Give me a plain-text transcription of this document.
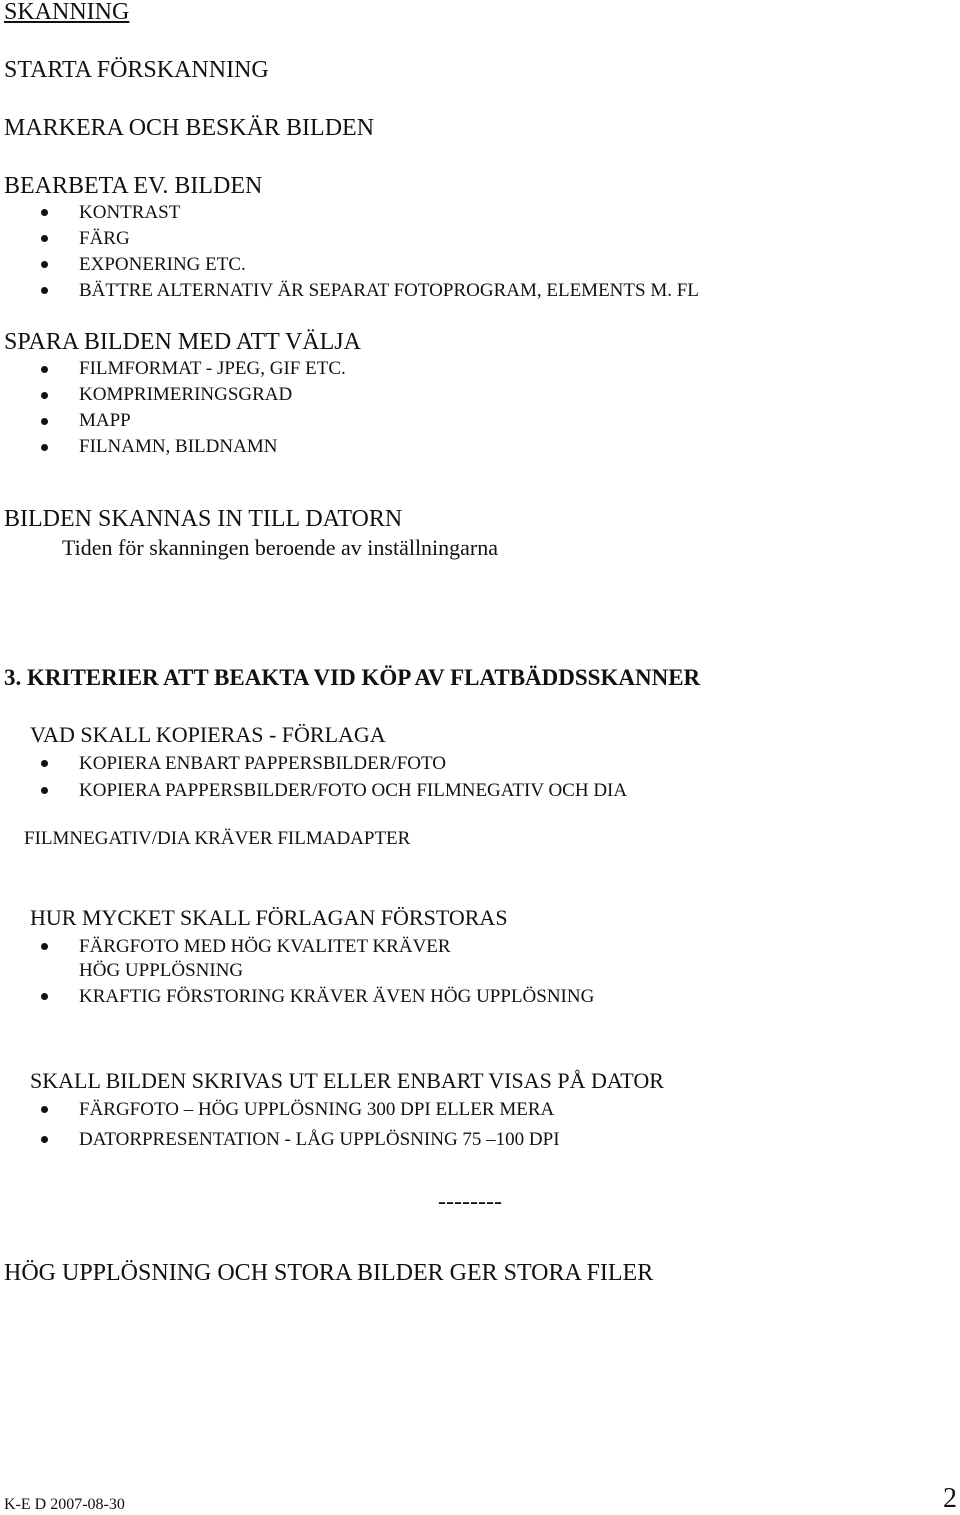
SKANNING
STARTA FÖRSKANNING
MARKERA OCH BESKÄR BILDEN
BEARBETA EV. BILDEN
KONTRAST
FÄRG
EXPONERING ETC.
BÄTTRE ALTERNATIV ÄR SEPARAT FOTOPROGRAM, ELEMENTS M. FL
SPARA BILDEN MED ATT VÄLJA
FILMFORMAT - JPEG, GIF ETC.
KOMPRIMERINGSGRAD
MAPP
FILNAMN, BILDNAMN
BILDEN SKANNAS IN TILL DATORN
Tiden för skanningen beroende av inställningarna
3. KRITERIER ATT BEAKTA VID KÖP AV FLATBÄDDSSKANNER
VAD SKALL KOPIERAS - FÖRLAGA
KOPIERA ENBART PAPPERSBILDER/FOTO
KOPIERA PAPPERSBILDER/FOTO OCH FILMNEGATIV OCH DIA
FILMNEGATIV/DIA KRÄVER FILMADAPTER
HUR MYCKET SKALL FÖRLAGAN FÖRSTORAS
FÄRGFOTO MED HÖG KVALITET KRÄVER
HÖG UPPLÖSNING
KRAFTIG FÖRSTORING KRÄVER ÄVEN HÖG UPPLÖSNING
SKALL BILDEN SKRIVAS UT ELLER ENBART VISAS PÅ DATOR
FÄRGFOTO – HÖG UPPLÖSNING 300 DPI ELLER MERA
DATORPRESENTATION - LÅG UPPLÖSNING 75 –100 DPI
--------
HÖG UPPLÖSNING OCH STORA BILDER GER STORA FILER
K-E D 2007-08-30	2
